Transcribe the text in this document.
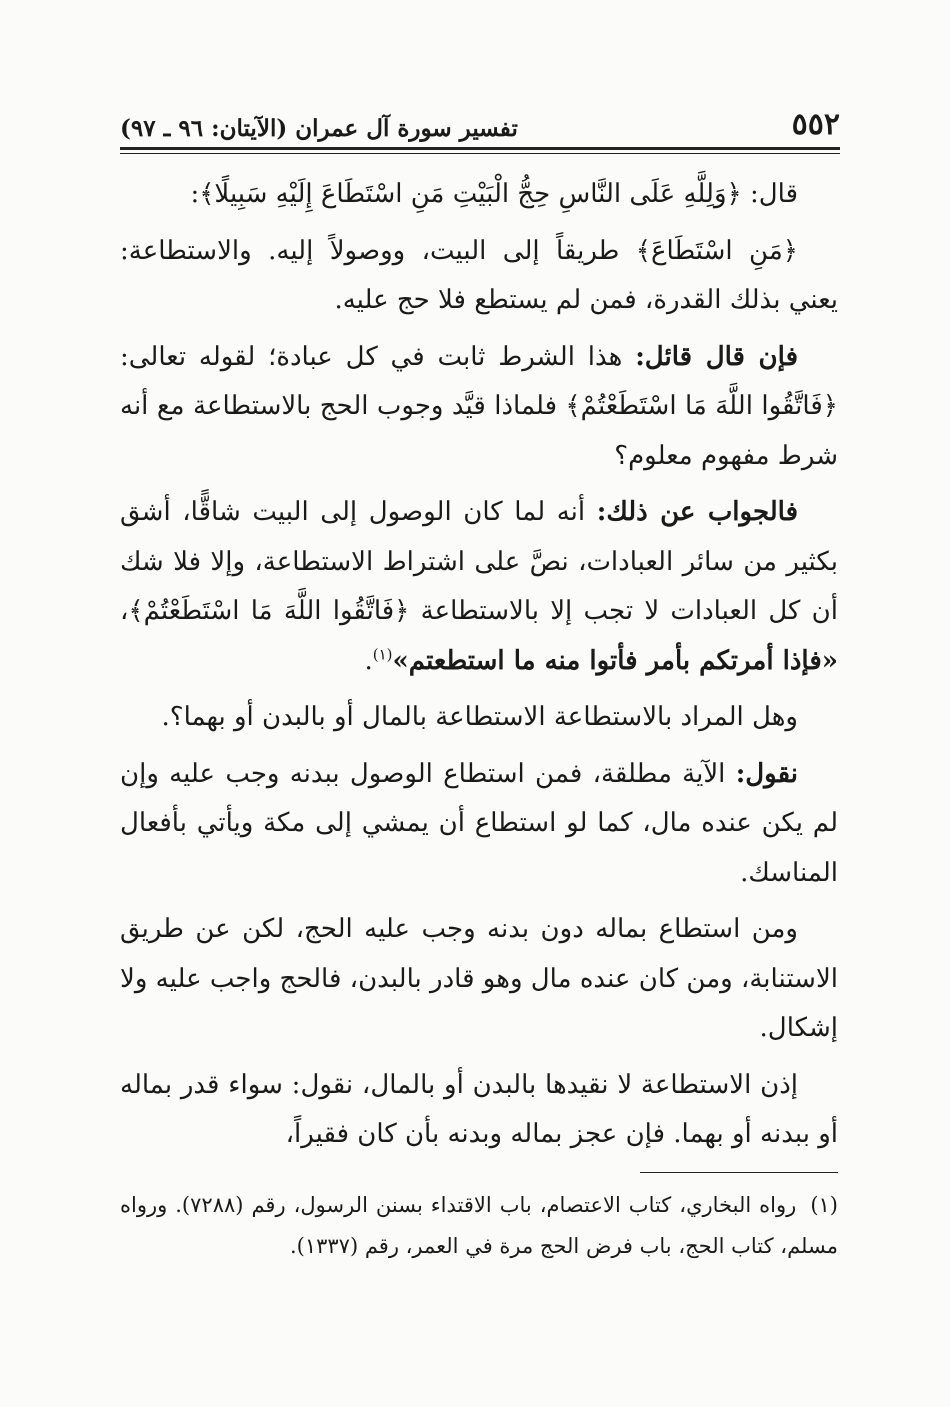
٥٥٢
تفسير سورة آل عمران (الآيتان: ٩٦ ـ ٩٧)

قال: ﴿وَلِلَّهِ عَلَى النَّاسِ حِجُّ الْبَيْتِ مَنِ اسْتَطَاعَ إِلَيْهِ سَبِيلًا﴾:

﴿مَنِ اسْتَطَاعَ﴾ طريقاً إلى البيت، ووصولاً إليه. والاستطاعة: يعني بذلك القدرة، فمن لم يستطع فلا حج عليه.

فإن قال قائل: هذا الشرط ثابت في كل عبادة؛ لقوله تعالى: ﴿فَاتَّقُوا اللَّهَ مَا اسْتَطَعْتُمْ﴾ فلماذا قيَّد وجوب الحج بالاستطاعة مع أنه شرط مفهوم معلوم؟

فالجواب عن ذلك: أنه لما كان الوصول إلى البيت شاقًّا، أشق بكثير من سائر العبادات، نصَّ على اشتراط الاستطاعة، وإلا فلا شك أن كل العبادات لا تجب إلا بالاستطاعة ﴿فَاتَّقُوا اللَّهَ مَا اسْتَطَعْتُمْ﴾، «فإذا أمرتكم بأمر فأتوا منه ما استطعتم»$^{(١)}$.

وهل المراد بالاستطاعة الاستطاعة بالمال أو بالبدن أو بهما؟.

نقول: الآية مطلقة، فمن استطاع الوصول ببدنه وجب عليه وإن لم يكن عنده مال، كما لو استطاع أن يمشي إلى مكة ويأتي بأفعال المناسك.

ومن استطاع بماله دون بدنه وجب عليه الحج، لكن عن طريق الاستنابة، ومن كان عنده مال وهو قادر بالبدن، فالحج واجب عليه ولا إشكال.

إذن الاستطاعة لا نقيدها بالبدن أو بالمال، نقول: سواء قدر بماله أو ببدنه أو بهما. فإن عجز بماله وبدنه بأن كان فقيراً،

(١)رواه البخاري، كتاب الاعتصام، باب الاقتداء بسنن الرسول، رقم (٧٢٨٨). ورواه مسلم، كتاب الحج، باب فرض الحج مرة في العمر، رقم (١٣٣٧).
